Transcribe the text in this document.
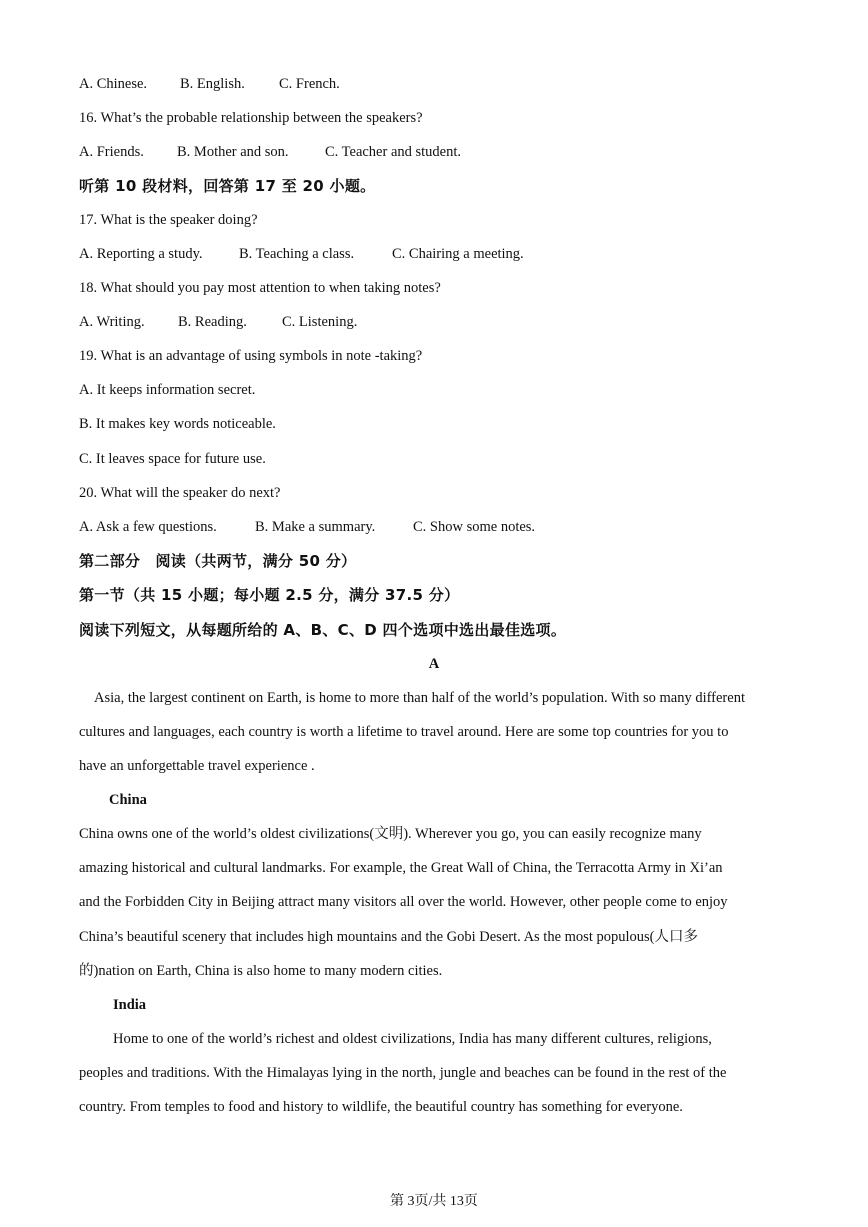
A. Chinese. B. English. C. French.
16. What’s the probable relationship between the speakers?
A. Friends. B. Mother and son.	C. Teacher and student.
听第 10 段材料，回答第 17 至 20 小题。
17. What is the speaker doing?
A. Reporting a study.	B. Teaching a class.	C. Chairing a meeting.
18. What should you pay most attention to when taking notes?
A. Writing. B. Reading. C. Listening.
19. What is an advantage of using symbols in note -taking?
A. It keeps information secret.
B. It makes key words noticeable.
C. It leaves space for future use.
20. What will the speaker do next?
A. Ask a few questions.	B. Make a summary.	C. Show some notes.
第二部分　阅读（共两节，满分 50 分）
第一节（共 15 小题；每小题 2.5 分，满分 37.5 分）
阅读下列短文，从每题所给的 A、B、C、D 四个选项中选出最佳选项。
A
Asia, the largest continent on Earth, is home to more than half of the world’s population. With so many different
cultures and languages, each country is worth a lifetime to travel around. Here are some top countries for you to
have an unforgettable travel experience .
China
China owns one of the world’s oldest civilizations(文明). Wherever you go, you can easily recognize many
amazing historical and cultural landmarks. For example, the Great Wall of China, the Terracotta Army in Xi’an
and the Forbidden City in Beijing attract many visitors all over the world. However, other people come to enjoy
China’s beautiful scenery that includes high mountains and the Gobi Desert. As the most populous(人口多
的)nation on Earth, China is also home to many modern cities.
India
Home to one of the world’s richest and oldest civilizations, India has many different cultures, religions,
peoples and traditions. With the Himalayas lying in the north, jungle and beaches can be found in the rest of the
country. From temples to food and history to wildlife, the beautiful country has something for everyone.
第 3页/共 13页
